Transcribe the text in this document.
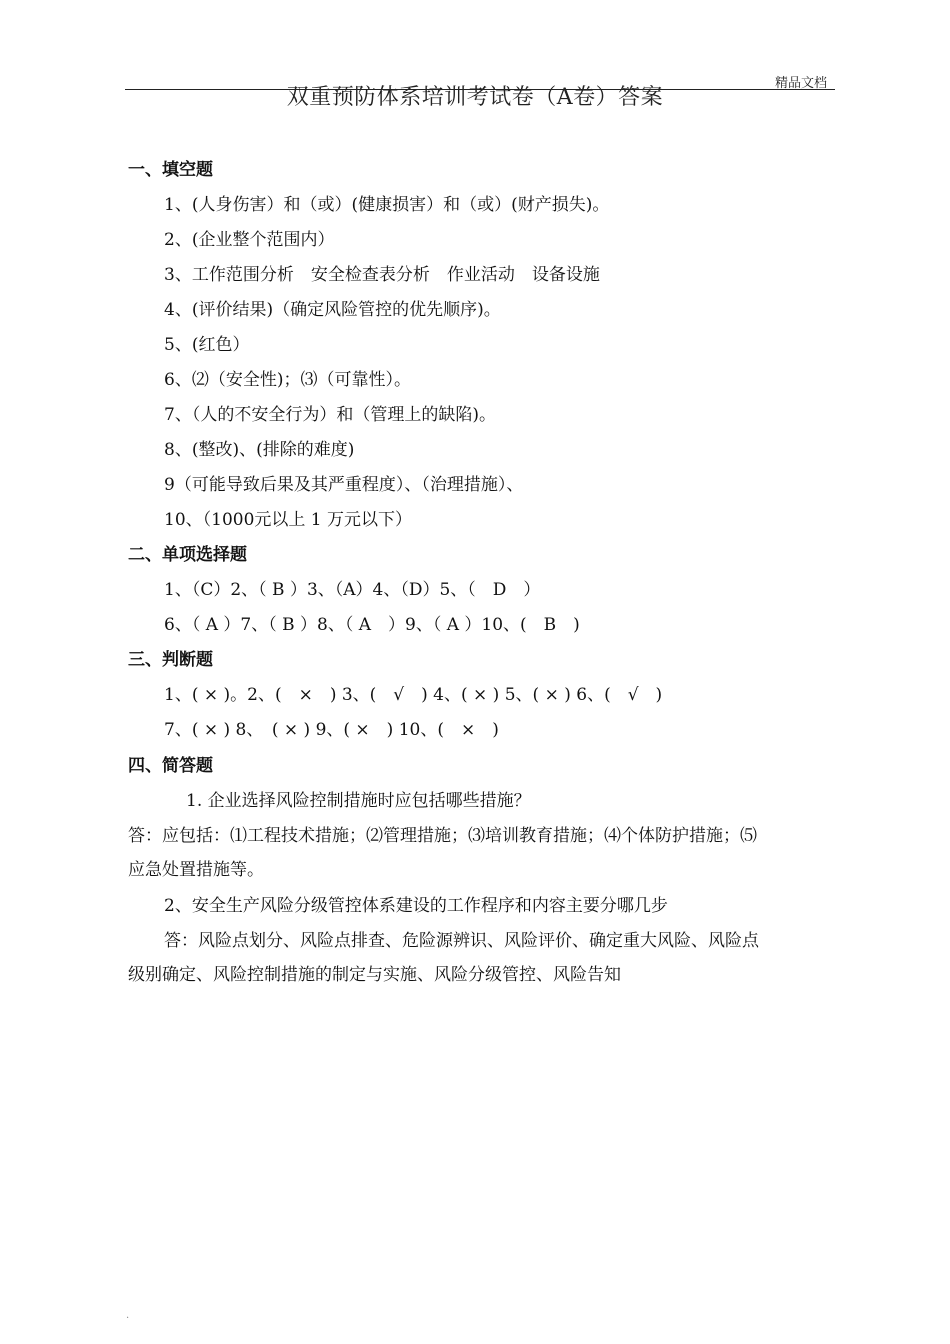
精品文档
双重预防体系培训考试卷（A卷）答案
一、填空题
1、(人身伤害）和（或）(健康损害）和（或）(财产损失)。
2、(企业整个范围内）
3、工作范围分析　安全检查表分析　作业活动　设备设施
4、(评价结果)（确定风险管控的优先顺序)。
5、(红色）
6、⑵（安全性)；⑶（可靠性）。
7、（人的不安全行为）和（管理上的缺陷)。
8、(整改)、(排除的难度)
9（可能导致后果及其严重程度）、（治理措施）、
10、（1000元以上 1 万元以下）
二、单项选择题
1、（C）2、（ B ）3、（A）4、（D）5、（　D　）
6、（ A ）7、（ B ）8、（ A　）9、（ A ）10、(　B　)
三、判断题
1、( × )。2、(　×　) 3、(　√　) 4、( × ) 5、( × ) 6、(　√　)
7、( × ) 8、　( × ) 9、( ×　) 10、(　×　)
四、简答题
1. 企业选择风险控制措施时应包括哪些措施？
答：应包括：⑴工程技术措施；⑵管理措施；⑶培训教育措施；⑷个体防护措施；⑸
应急处置措施等。
2、安全生产风险分级管控体系建设的工作程序和内容主要分哪几步
答：风险点划分、风险点排查、危险源辨识、风险评价、确定重大风险、风险点
级别确定、风险控制措施的制定与实施、风险分级管控、风险告知
.
